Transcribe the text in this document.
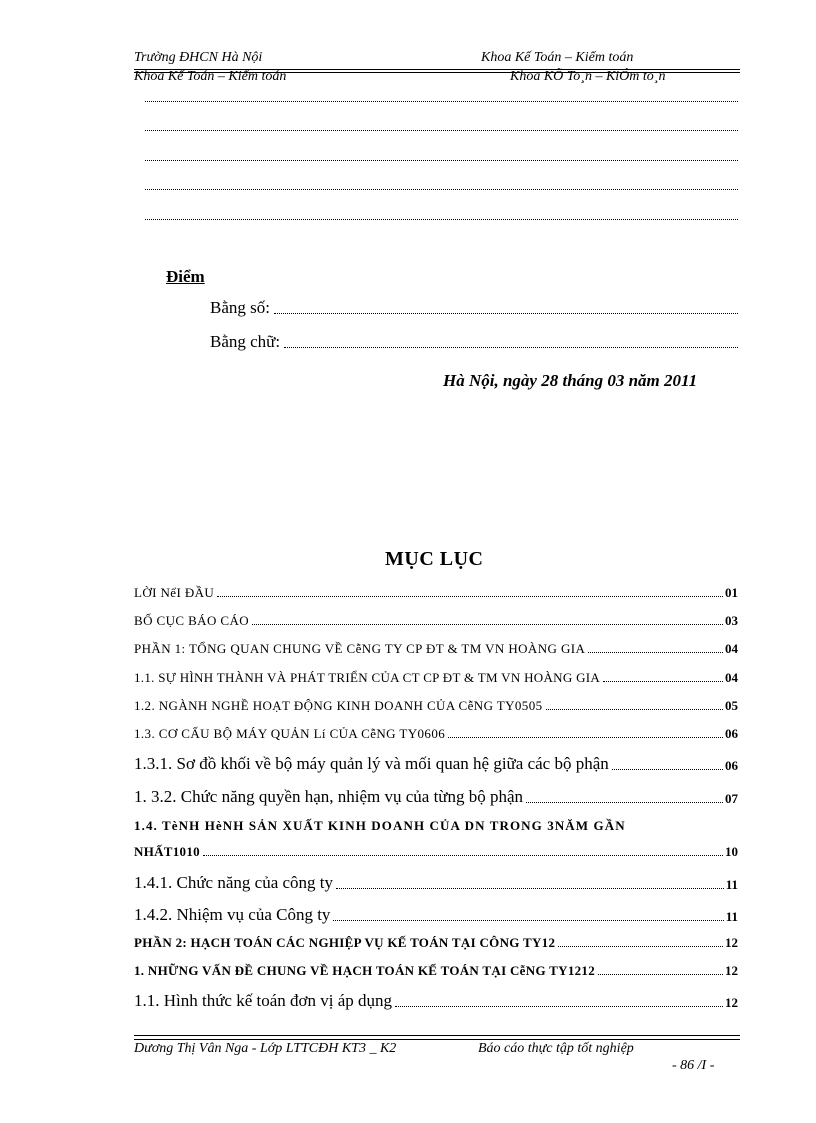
Trường ĐHCN Hà Nội	Khoa Kế Toán – Kiểm toán
Khoa Kế Toán – Kiểm toán	Khoa KÕ To¸n – KiÓm to¸n
Điểm
Bằng số:
Bằng chữ:
Hà Nội, ngày 28 tháng 03 năm 2011
MỤC LỤC
LỜI NểI ĐẦU	01
BỐ CỤC BÁO CÁO	03
PHẦN 1: TỔNG QUAN CHUNG VỀ CễNG TY CP ĐT & TM VN HOÀNG GIA	04
1.1. SỰ HÌNH THÀNH VÀ PHÁT TRIỂN CỦA CT CP ĐT & TM VN HOÀNG GIA	04
1.2. NGÀNH NGHỀ HOẠT ĐỘNG KINH DOANH CỦA CễNG TY0505	05
1.3. CƠ CẤU BỘ MÁY QUẢN Lí CỦA CễNG TY0606	06
1.3.1. Sơ đồ khối về bộ máy quản lý và mối quan hệ giữa các bộ phận	06
1. 3.2. Chức năng quyền hạn, nhiệm vụ của từng bộ phận	07
1.4. TèNH HèNH SẢN XUẤT KINH DOANH CỦA DN TRONG 3NĂM GẦN
NHẤT1010	10
1.4.1. Chức năng của công ty	11
1.4.2. Nhiệm vụ của Công ty	11
PHẦN 2: HẠCH TOÁN CÁC NGHIỆP VỤ KẾ TOÁN TẠI CÔNG TY12	12
1. NHỮNG VẤN ĐỀ CHUNG VỀ HẠCH TOÁN KẾ TOÁN TẠI CễNG TY1212	12
1.1. Hình thức kế toán đơn vị áp dụng	12
Dương Thị Vân Nga - Lớp LTTCĐH KT3 _ K2	Báo cáo thực tập tốt nghiệp
- 86 /I -
